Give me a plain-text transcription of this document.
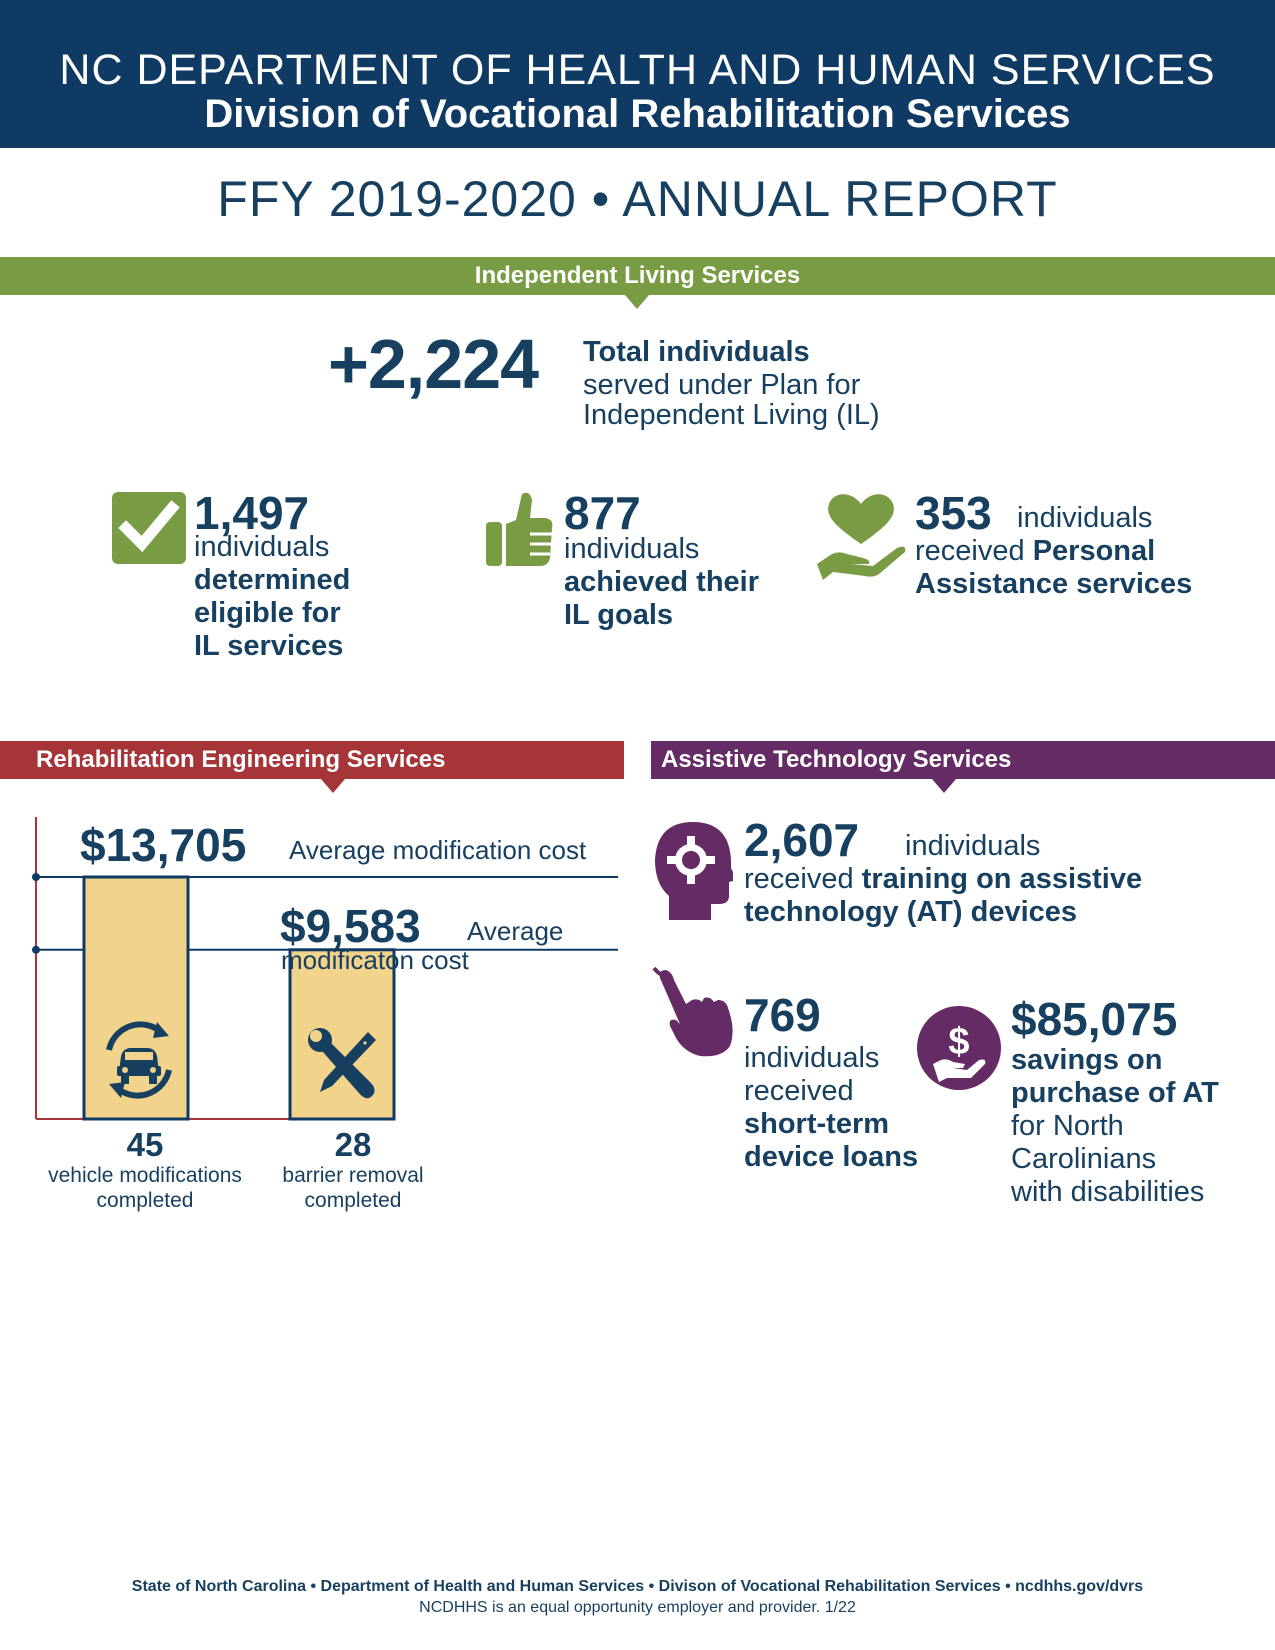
NC DEPARTMENT OF HEALTH AND HUMAN SERVICES
Division of Vocational Rehabilitation Services
FFY 2019-2020 • ANNUAL REPORT
Independent Living Services
+2,224 Total individuals
served under Plan for
Independent Living (IL)
1,497
individuals
determined
eligible for
IL services
877
individuals
achieved their
IL goals
353 individuals
received Personal
Assistance services
Rehabilitation Engineering Services
$13,705 Average modification cost
$9,583 Average
modificaton cost
45
vehicle modifications
completed
28
barrier removal
completed
Assistive Technology Services
2,607 individuals
received training on assistive
technology (AT) devices
769
individuals
received
short-term
device loans
$ $85,075
savings on
purchase of AT
for North
Carolinians
with disabilities
State of North Carolina • Department of Health and Human Services • Divison of Vocational Rehabilitation Services • ncdhhs.gov/dvrs
NCDHHS is an equal opportunity employer and provider. 1/22
